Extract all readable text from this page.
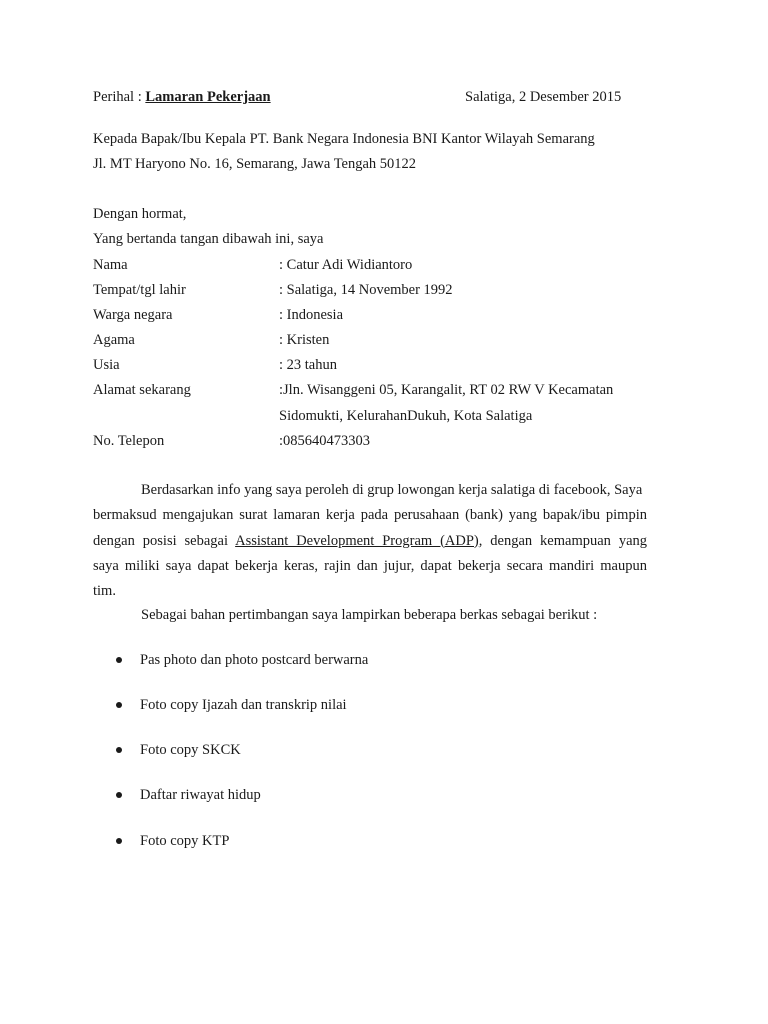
Perihal : Lamaran Pekerjaan	Salatiga, 2 Desember 2015
Kepada Bapak/Ibu Kepala PT. Bank Negara Indonesia BNI Kantor Wilayah Semarang
Jl. MT Haryono No. 16, Semarang, Jawa Tengah 50122
Dengan hormat,
Yang bertanda tangan dibawah ini, saya
Nama	: Catur Adi Widiantoro
Tempat/tgl lahir	: Salatiga, 14 November 1992
Warga negara	: Indonesia
Agama	: Kristen
Usia	: 23 tahun
Alamat sekarang	:Jln. Wisanggeni 05, Karangalit, RT 02 RW V Kecamatan
Sidomukti, KelurahanDukuh, Kota Salatiga
No. Telepon	:085640473303
Berdasarkan info yang saya peroleh di grup lowongan kerja salatiga di facebook, Saya
bermaksud mengajukan surat lamaran kerja pada perusahaan (bank) yang bapak/ibu pimpin
dengan posisi sebagai Assistant Development Program (ADP), dengan kemampuan yang
saya miliki saya dapat bekerja keras, rajin dan jujur, dapat bekerja secara mandiri maupun
tim.
Sebagai bahan pertimbangan saya lampirkan beberapa berkas sebagai berikut :
Pas photo dan photo postcard berwarna
Foto copy Ijazah dan transkrip nilai
Foto copy SKCK
Daftar riwayat hidup
Foto copy KTP
